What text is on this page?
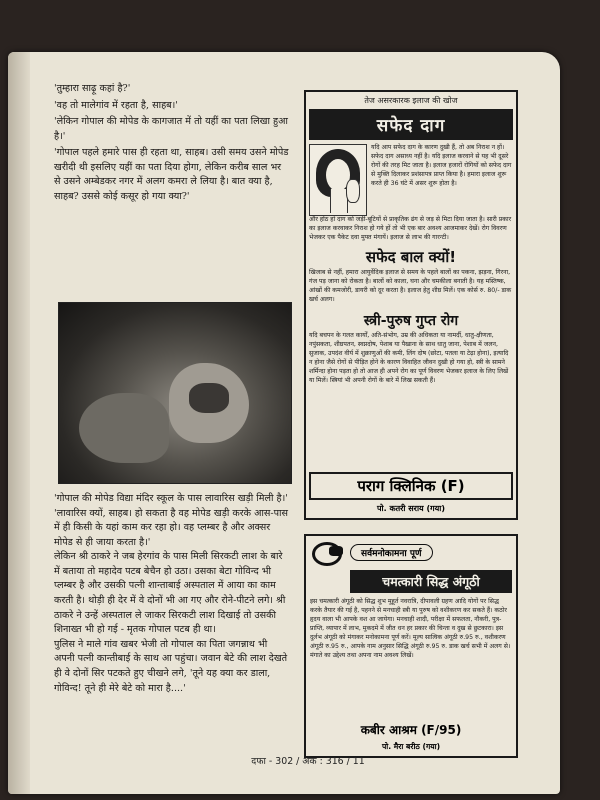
'तुम्हारा साढ़ू कहां है?'

'वह तो मालेगांव में रहता है, साहब।'

'लेकिन गोपाल की मोपेड के कागजात में तो यहीं का पता लिखा हुआ है।'

'गोपाल पहले हमारे पास ही रहता था, साहब। उसी समय उसने मोपेड खरीदी थी इसलिए यहीं का पता दिया होगा, लेकिन करीब साल भर से उसने अम्बेडकर नगर में अलग कमरा ले लिया है। बात क्या है, साहब? उससे कोई कसूर हो गया क्या?'

'गोपाल की मोपेड विद्या मंदिर स्कूल के पास लावारिस खड़ी मिली है।'

'लावारिस क्यों, साहब। हो सकता है वह मोपेड खड़ी करके आस-पास में ही किसी के यहां काम कर रहा हो। वह प्लम्बर है और अक्सर मोपेड से ही जाया करता है।'

लेकिन श्री ठाकरे ने जब हेरगांव के पास मिली सिरकटी लाश के बारे में बताया तो महादेव पटब बेचैन हो उठा। उसका बेटा गोविन्द भी प्लम्बर है और उसकी पत्नी शान्ताबाई अस्पताल में आया का काम करती है। थोड़ी ही देर में वे दोनों भी आ गए और रोने-पीटने लगे। श्री ठाकरे ने उन्हें अस्पताल ले जाकर सिरकटी लाश दिखाई तो उसकी शिनाख्त भी हो गई - मृतक गोपाल पटब ही था।

पुलिस ने माले गांव खबर भेजी तो गोपाल का पिता जगन्नाथ भी अपनी पत्नी कान्तीबाई के साथ आ पहुंचा। जवान बेटे की लाश देखते ही वे दोनों सिर पटकते हुए चीखने लगे, 'तूने यह क्या कर डाला, गोविन्द! तूने ही मेरे बेटे को मारा है....'

तेज असरकारक इलाज की खोज
सफेद दाग
यदि आप सफेद दाग के कारण दुखी हैं, तो अब निराश न हों। सफेद दाग असाध्य नहीं है। यदि इलाज करवाने से यह भी दूसरे रोगों की तरह मिट जाता है। इलाज हजारों रोगियों को सफेद दाग से मुक्ति दिलाकर प्रशंसापत्र प्राप्त किया है। हमारा इलाज शुरू करते ही 36 घंटे में असर शुरू होता है।
और होंठ हो दाग को जड़ी-बूटियों से प्राकृतिक ढंग से जड़ से मिटा दिया जाता है। सारी प्रकार का इलाज करवाकर निराश हो गये हों तो भी एक बार अवश्य आजमाकर देखें। रोग विवरण भेजकर एक पैकेट दवा मुफ्त मंगायें। इलाज से लाभ की गारन्टी।
सफेद बाल क्यों!
खिजाब से नहीं, हमारा आयुर्वेदिक इलाज से समय के पहले बालों का पकना, झड़ना, गिरना, गंज पड़ जाना को रोकता है। बालों को काला, घना और चमकीला बनाती है। यह मस्तिष्क, आंखों की कमजोरी, डायरी को दूर करता है। इलाज हेतु शीघ्र मिलें। एक कोर्स रु. 80/- डाक खर्च अलग।
स्त्री-पुरुष गुप्त रोग
यदि बचपन के गलत कार्यों, अति-संभोग, उम्र की अधिकता या नामर्दी, धातु-क्षीणता, नपुंसकता, शीघ्रपतन, स्वप्नदोष, पेशाब या पैखाना के साथ धातु जाना, पेशाब में जलन, सुजाक, उपदंश वीर्य में शुक्राणुओं की कमी, लिंग दोष (छोटा, पतला या टेढ़ा होना), इत्यादि न होना जैसे रोगों से पीड़ित होने के कारण विवाहित जीवन दुखी हो गया हो, स्त्री के सामने शर्मिन्दा होना पड़ता हो तो आज ही अपने रोग का पूर्ण विवरण भेजकर इलाज के लिए लिखें या मिलें। स्त्रियां भी अपनी रोगों के बारे में लिख सकती हैं।
पराग क्लिनिक (F)
पो. कतरी सराय (गया)
सर्वमनोकामना पूर्ण
चमत्कारी सिद्ध अंगूठी
इस चमत्कारी अंगूठी को सिद्ध शुभ मुहूर्त नवरात्रि, दीपावली ग्रहण आदि योगों पर सिद्ध करके तैयार की गई है, पहनने से मनचाही स्त्री या पुरुष को वशीकरण कर सकते हैं। कठोर हृदय वाला भी आपके वश आ जायेगा। मनचाही शादी, परीक्षा में सफलता, नौकरी, पुत्र-प्राप्ति, व्यापार में लाभ, मुकदमे में जीत धन हर प्रकार की चिन्ता व दुख से छुटकारा। इस दुर्लभ अंगूठी को मंगाकर मनोकामना पूर्ण करें। मूल्य सात्विक अंगूठी रु.95 रु., वशीकरण अंगूठी रु.95 रु., आपके नाम अनुसार सिद्धि अंगूठी रु.95 रु. डाक खर्च सभी में अलग से। मंगाते का उद्देश्य तथा अपना नाम अवश्य लिखें।
कबीर आश्रम (F/95)
पो. मैरा बरीठ (गया)
दफा - 302 / अंक : 316 / 11
